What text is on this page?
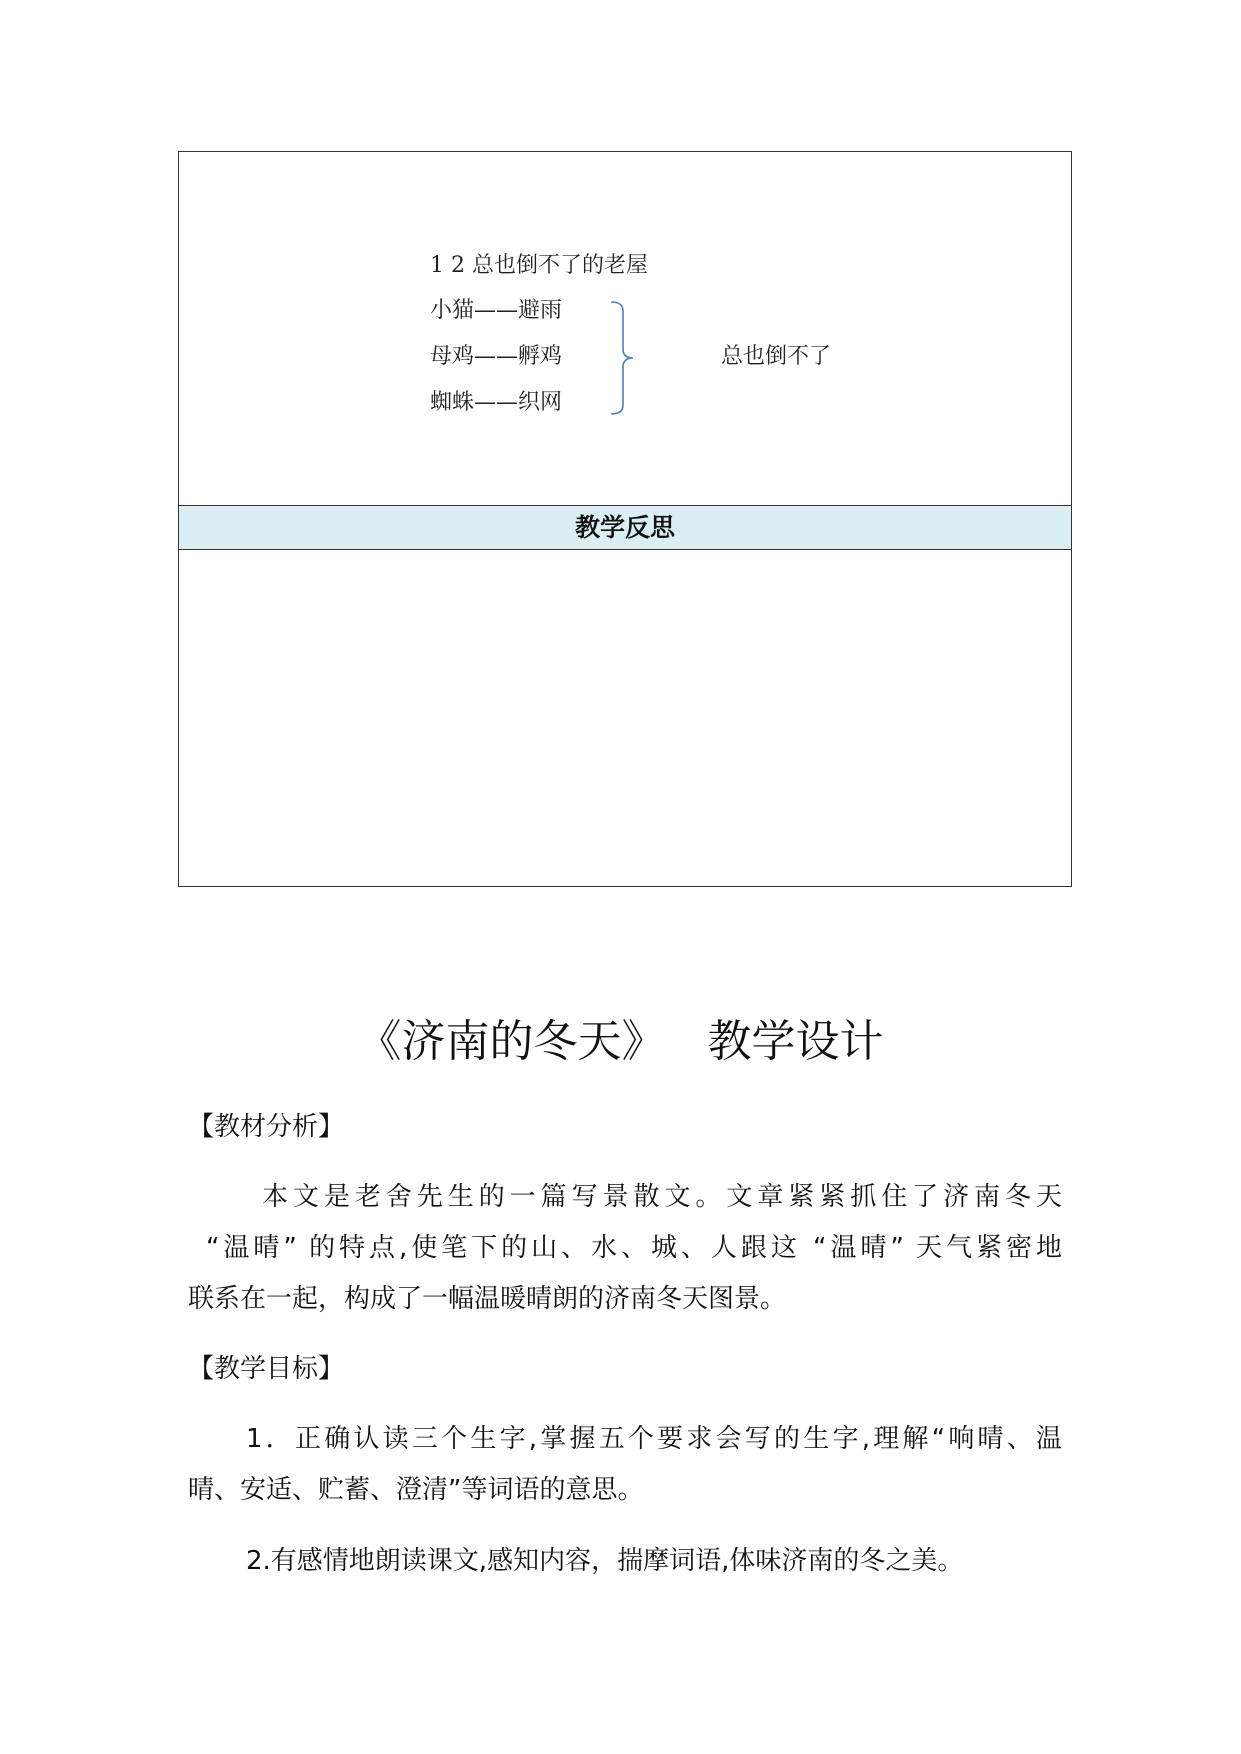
1 2 总也倒不了的老屋
小猫——避雨
母鸡——孵鸡
蜘蛛——织网
总也倒不了
教学反思
《济南的冬天》   教学设计
【教材分析】
本文是老舍先生的一篇写景散文。文章紧紧抓住了济南冬天
“温晴” 的特点,使笔下的山、水、城、人跟这 “温晴” 天气紧密地
联系在一起，构成了一幅温暖晴朗的济南冬天图景。
【教学目标】
1．正确认读三个生字,掌握五个要求会写的生字,理解“响晴、温
晴、安适、贮蓄、澄清”等词语的意思。
2.有感情地朗读课文,感知内容，揣摩词语,体味济南的冬之美。
